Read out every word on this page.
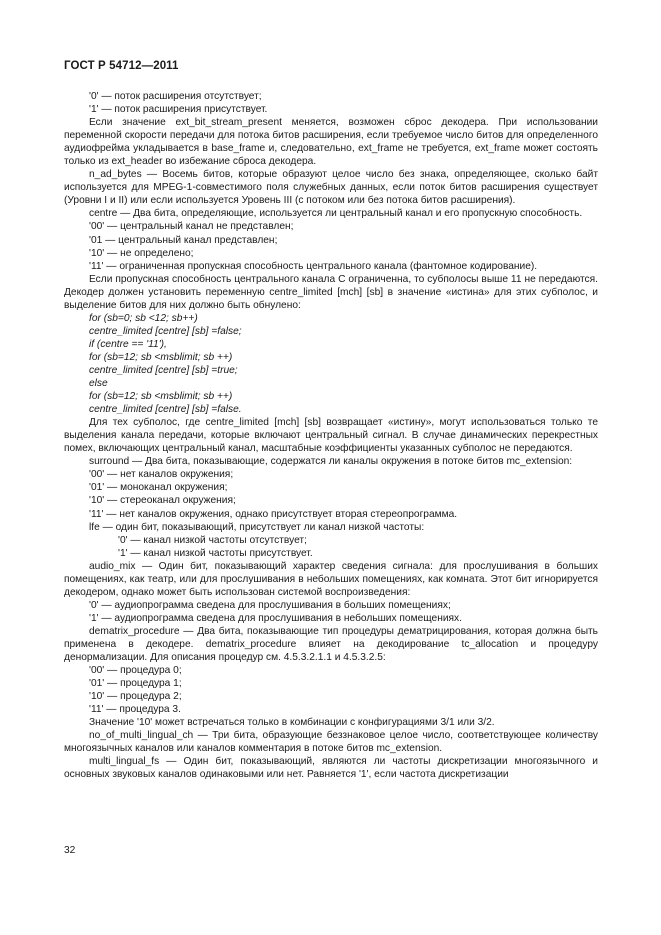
ГОСТ Р 54712—2011

'0' — поток расширения отсутствует;

'1' — поток расширения присутствует.

Если значение ext_bit_stream_present меняется, возможен сброс декодера. При использовании переменной скорости передачи для потока битов расширения, если требуемое число битов для определенного аудиофрейма укладывается в base_frame и, следовательно, ext_frame не требуется, ext_frame может состоять только из ext_header во избежание сброса декодера.

n_ad_bytes — Восемь битов, которые образуют целое число без знака, определяющее, сколько байт используется для MPEG-1-совместимого поля служебных данных, если поток битов расширения существует (Уровни I и II) или если используется Уровень III (с потоком или без потока битов расширения).

centre — Два бита, определяющие, используется ли центральный канал и его пропускную способность.

'00' — центральный канал не представлен;

'01 — центральный канал представлен;

'10' — не определено;

'11' — ограниченная пропускная способность центрального канала (фантомное кодирование).

Если пропускная способность центрального канала C ограниченна, то субполосы выше 11 не передаются. Декодер должен установить переменную centre_limited [mch] [sb] в значение «истина» для этих субполос, и выделение битов для них должно быть обнулено:

for (sb=0; sb <12; sb++)

centre_limited [centre] [sb] =false;

if (centre == '11'),

for (sb=12; sb <msblimit; sb ++)

centre_limited [centre] [sb] =true;

else

for (sb=12; sb <msblimit; sb ++)

centre_limited [centre] [sb] =false.

Для тех субполос, где centre_limited [mch] [sb] возвращает «истину», могут использоваться только те выделения канала передачи, которые включают центральный сигнал. В случае динамических перекрестных помех, включающих центральный канал, масштабные коэффициенты указанных субполос не передаются.

surround — Два бита, показывающие, содержатся ли каналы окружения в потоке битов mc_extension:

'00' — нет каналов окружения;

'01' — моноканал окружения;

'10' — стереоканал окружения;

'11' — нет каналов окружения, однако присутствует вторая стереопрограмма.

lfe — один бит, показывающий, присутствует ли канал низкой частоты:

'0' — канал низкой частоты отсутствует;

'1' — канал низкой частоты присутствует.

audio_mix — Один бит, показывающий характер сведения сигнала: для прослушивания в больших помещениях, как театр, или для прослушивания в небольших помещениях, как комната. Этот бит игнорируется декодером, однако может быть использован системой воспроизведения:

'0' — аудиопрограмма сведена для прослушивания в больших помещениях;

'1' — аудиопрограмма сведена для прослушивания в небольших помещениях.

dematrix_procedure — Два бита, показывающие тип процедуры дематрицирования, которая должна быть применена в декодере. dematrix_procedure влияет на декодирование tc_allocation и процедуру денормализации. Для описания процедур см. 4.5.3.2.1.1 и 4.5.3.2.5:

'00' — процедура 0;

'01' — процедура 1;

'10' — процедура 2;

'11' — процедура 3.

Значение '10' может встречаться только в комбинации с конфигурациями 3/1 или 3/2.

no_of_multi_lingual_ch — Три бита, образующие беззнаковое целое число, соответствующее количеству многоязычных каналов или каналов комментария в потоке битов mc_extension.

multi_lingual_fs — Один бит, показывающий, являются ли частоты дискретизации многоязычного и основных звуковых каналов одинаковыми или нет. Равняется '1', если частота дискретизации

32
